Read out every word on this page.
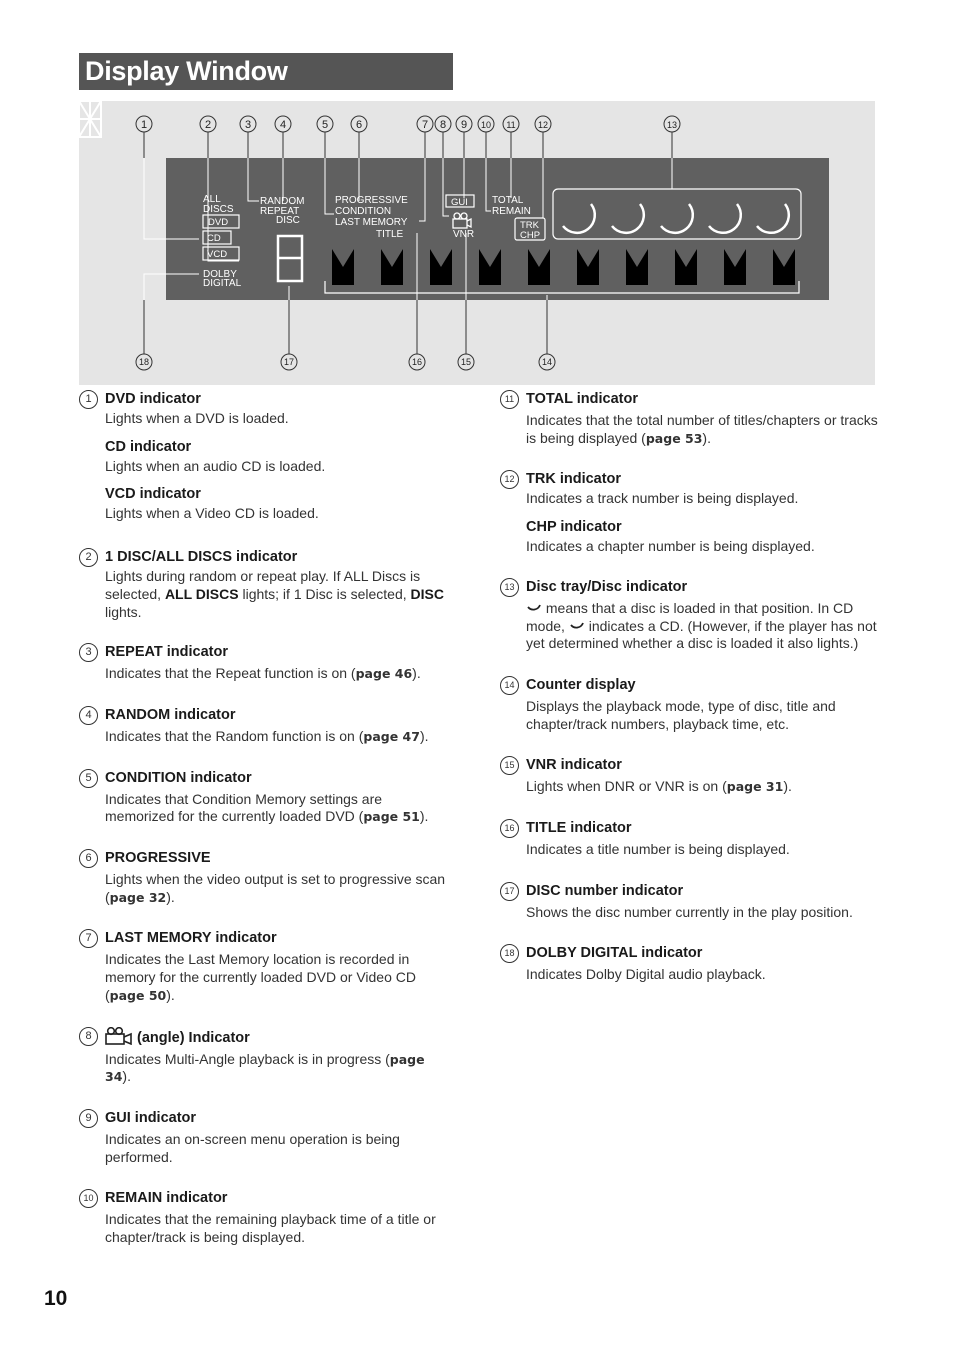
Display Window
1	2	3	4	5	6	7 8 9 10 11 12	13
18	17	16	15	14
ALL
DISCS
DVD
CD
VCD
DOLBY
DIGITAL
RANDOM
REPEAT
DISC
PROGRESSIVE
CONDITION
LAST MEMORY
TITLE
GUI
VNR
TOTAL
REMAIN
TRK
CHP
1 DVD indicator

Lights when a DVD is loaded.

CD indicator

Lights when an audio CD is loaded.

VCD indicator

Lights when a Video CD is loaded.

2 1 DISC/ALL DISCS indicator

Lights during random or repeat play. If ALL Discs is selected, ALL DISCS lights; if 1 Disc is selected, DISC lights.

3 REPEAT indicator

Indicates that the Repeat function is on (page 46).

4 RANDOM indicator

Indicates that the Random function is on (page 47).

5 CONDITION indicator

Indicates that Condition Memory settings are memorized for the currently loaded DVD (page 51).

6 PROGRESSIVE

Lights when the video output is set to progressive scan (page 32).

7 LAST MEMORY indicator

Indicates the Last Memory location is recorded in memory for the currently loaded DVD or Video CD (page 50).

8	(angle) Indicator

Indicates Multi-Angle playback is in progress (page 34).

9 GUI indicator

Indicates an on-screen menu operation is being performed.

10 REMAIN indicator

Indicates that the remaining playback time of a title or chapter/track is being displayed.

11 TOTAL indicator

Indicates that the total number of titles/chapters or tracks is being displayed (page 53).

12 TRK indicator

Indicates a track number is being displayed.

CHP indicator

Indicates a chapter number is being displayed.

13 Disc tray/Disc indicator

means that a disc is loaded in that position. In CD mode,  indicates a CD. (However, if the player has not yet determined whether a disc is loaded it also lights.)

14 Counter display

Displays the playback mode, type of disc, title and chapter/track numbers, playback time, etc.

15 VNR indicator

Lights when DNR or VNR is on (page 31).

16 TITLE indicator

Indicates a title number is being displayed.

17 DISC number indicator

Shows the disc number currently in the play position.

18 DOLBY DIGITAL indicator

Indicates Dolby Digital audio playback.

10
